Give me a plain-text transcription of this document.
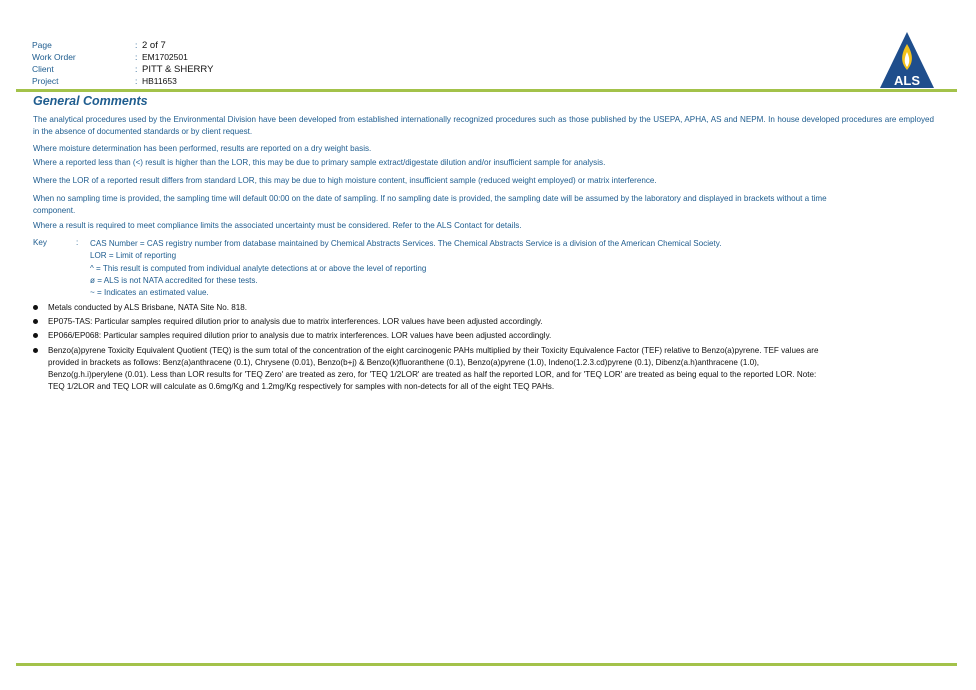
Page	: 2 of 7
Work Order	: EM1702501
Client	: PITT & SHERRY
Project	: HB11653	ALS
General Comments
The analytical procedures used by the Environmental Division have been developed from established internationally recognized procedures such as those published by the USEPA, APHA, AS and NEPM. In house developed procedures are employed in the absence of documented standards or by client request.
Where moisture determination has been performed, results are reported on a dry weight basis.
Where a reported less than (<) result is higher than the LOR, this may be due to primary sample extract/digestate dilution and/or insufficient sample for analysis.
Where the LOR of a reported result differs from standard LOR, this may be due to high moisture content, insufficient sample (reduced weight employed) or matrix interference.
When no sampling time is provided, the sampling time will default 00:00 on the date of sampling. If no sampling date is provided, the sampling date will be assumed by the laboratory and displayed in brackets without a time component.
Where a result is required to meet compliance limits the associated uncertainty must be considered. Refer to the ALS Contact for details.
Key	: CAS Number = CAS registry number from database maintained by Chemical Abstracts Services. The Chemical Abstracts Service is a division of the American Chemical Society.
LOR = Limit of reporting
^ = This result is computed from individual analyte detections at or above the level of reporting
ø = ALS is not NATA accredited for these tests.
~ = Indicates an estimated value.
Metals conducted by ALS Brisbane, NATA Site No. 818.
EP075-TAS: Particular samples required dilution prior to analysis due to matrix interferences. LOR values have been adjusted accordingly.
EP066/EP068: Particular samples required dilution prior to analysis due to matrix interferences. LOR values have been adjusted accordingly.
Benzo(a)pyrene Toxicity Equivalent Quotient (TEQ) is the sum total of the concentration of the eight carcinogenic PAHs multiplied by their Toxicity Equivalence Factor (TEF) relative to Benzo(a)pyrene. TEF values are provided in brackets as follows: Benz(a)anthracene (0.1), Chrysene (0.01), Benzo(b+j) & Benzo(k)fluoranthene (0.1), Benzo(a)pyrene (1.0), Indeno(1.2.3.cd)pyrene (0.1), Dibenz(a.h)anthracene (1.0), Benzo(g.h.i)perylene (0.01). Less than LOR results for 'TEQ Zero' are treated as zero, for 'TEQ 1/2LOR' are treated as half the reported LOR, and for 'TEQ LOR' are treated as being equal to the reported LOR. Note: TEQ 1/2LOR and TEQ LOR will calculate as 0.6mg/Kg and 1.2mg/Kg respectively for samples with non-detects for all of the eight TEQ PAHs.
